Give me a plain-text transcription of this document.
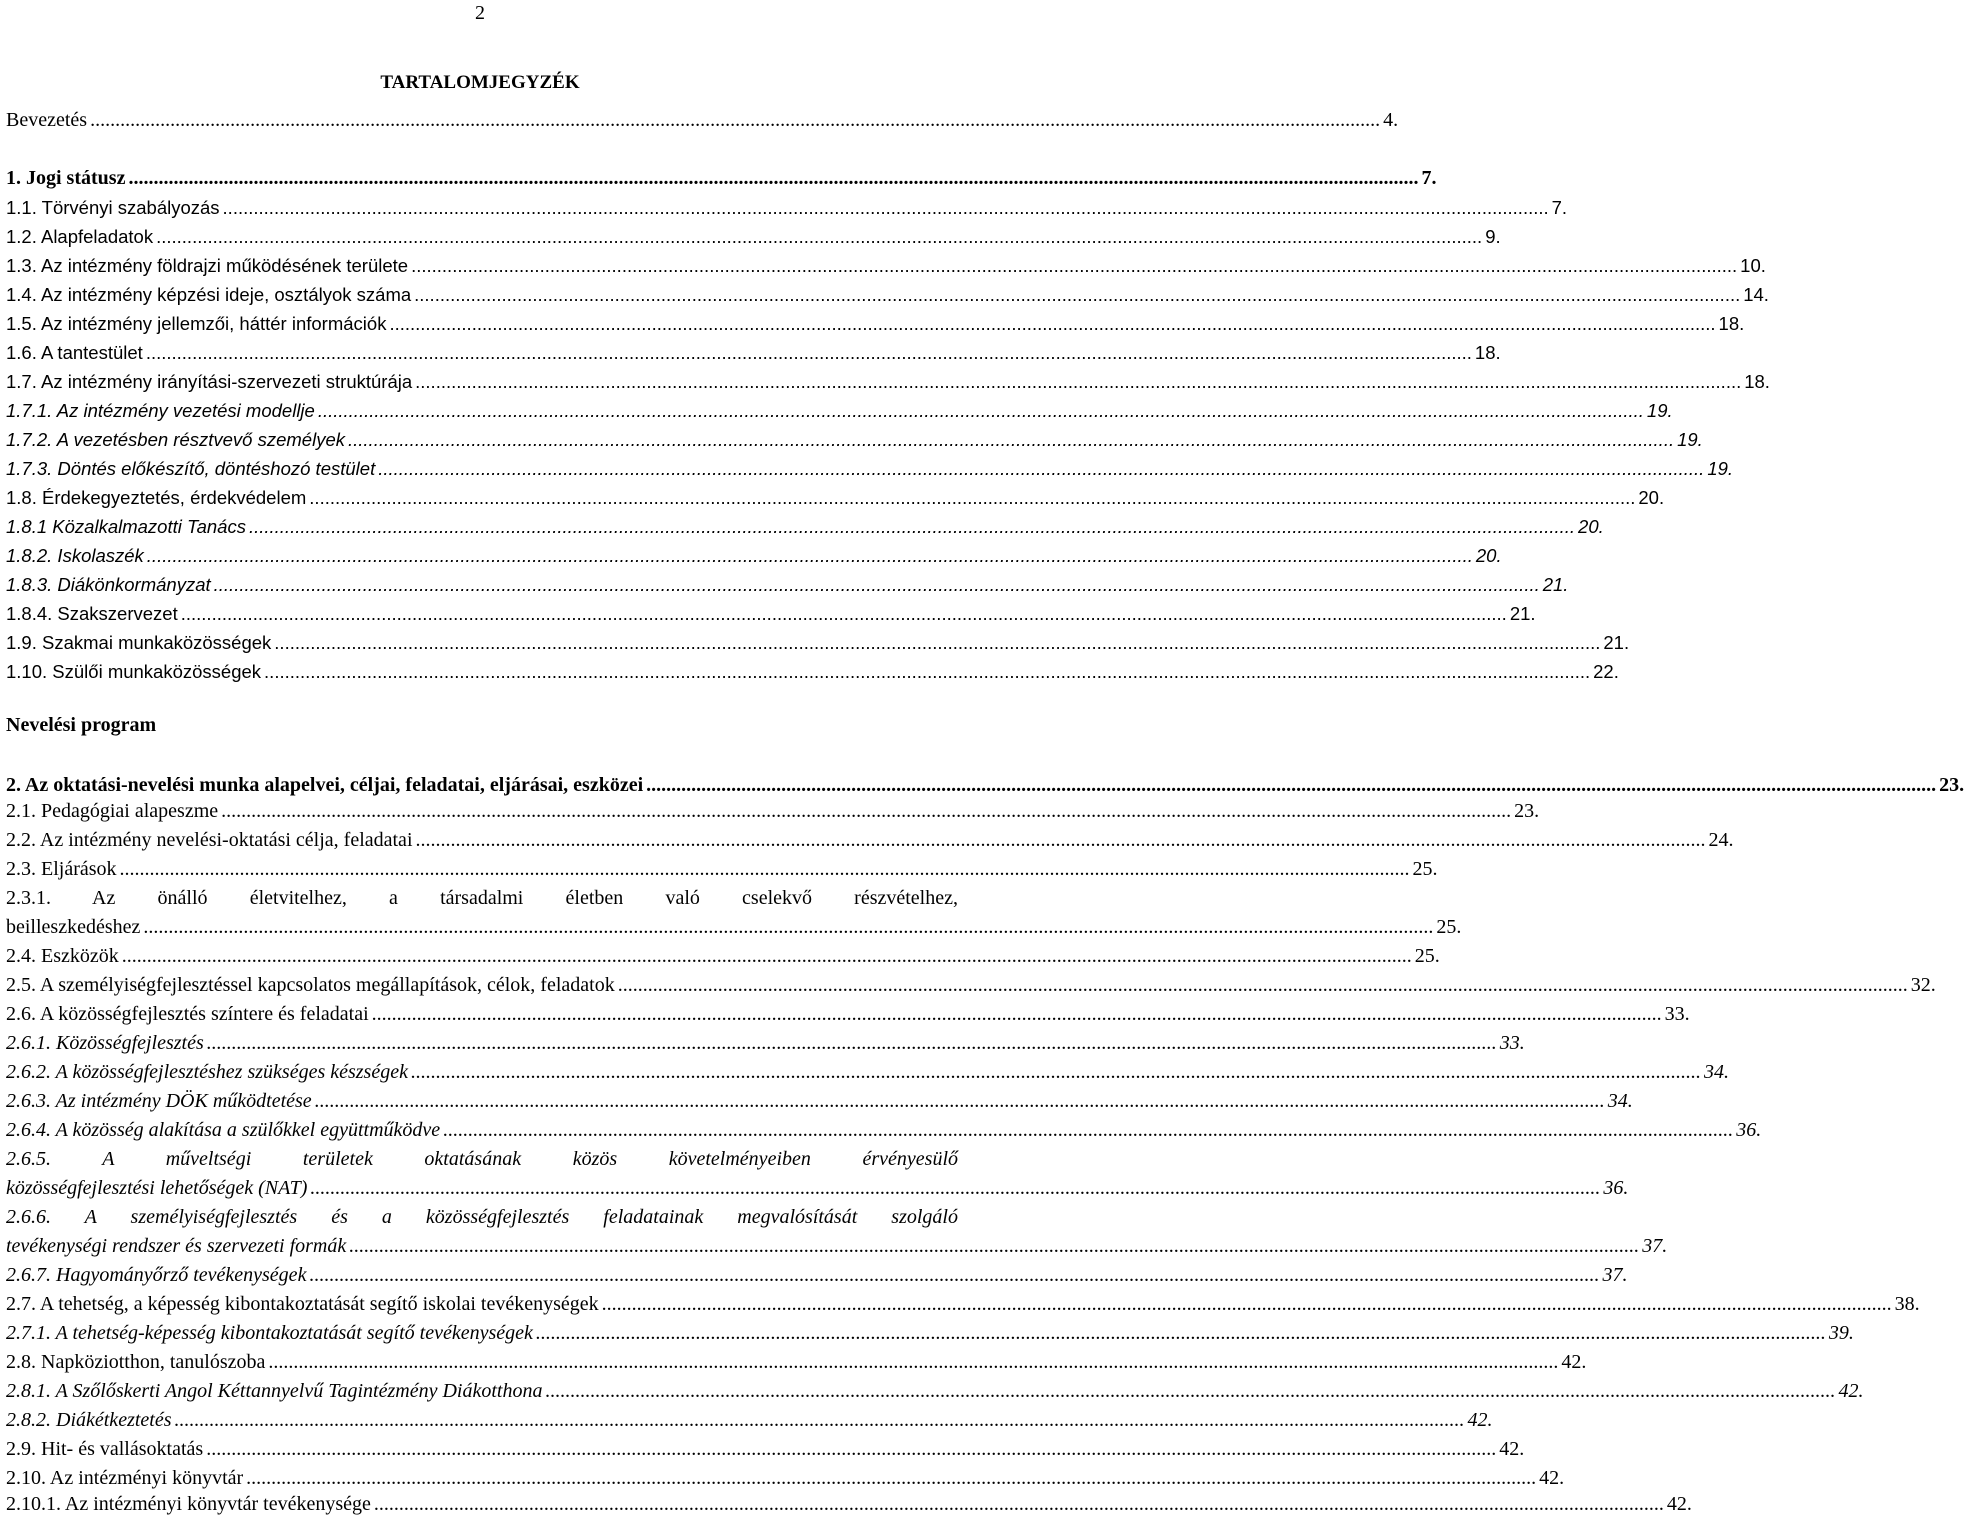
2
TARTALOMJEGYZÉK
Bevezetés .................................................................................................................................................................................................................................................................. 4.
1. Jogi státusz .................................................................................................................................................................................................................................................................. 7.
1.1. Törvényi szabályozás .................................................................................................................................................................................................................................................................. 7.
1.2. Alapfeladatok .................................................................................................................................................................................................................................................................. 9.
1.3. Az intézmény földrajzi működésének területe .................................................................................................................................................................................................................................................................. 10.
1.4. Az intézmény képzési ideje, osztályok száma .................................................................................................................................................................................................................................................................. 14.
1.5. Az intézmény jellemzői, háttér információk .................................................................................................................................................................................................................................................................. 18.
1.6. A tantestület .................................................................................................................................................................................................................................................................. 18.
1.7. Az intézmény irányítási-szervezeti struktúrája .................................................................................................................................................................................................................................................................. 18.
1.7.1. Az intézmény vezetési modellje .................................................................................................................................................................................................................................................................. 19.
1.7.2. A vezetésben résztvevő személyek .................................................................................................................................................................................................................................................................. 19.
1.7.3. Döntés előkészítő, döntéshozó testület .................................................................................................................................................................................................................................................................. 19.
1.8. Érdekegyeztetés, érdekvédelem .................................................................................................................................................................................................................................................................. 20.
1.8.1 Közalkalmazotti Tanács .................................................................................................................................................................................................................................................................. 20.
1.8.2. Iskolaszék .................................................................................................................................................................................................................................................................. 20.
1.8.3. Diákönkormányzat .................................................................................................................................................................................................................................................................. 21.
1.8.4. Szakszervezet .................................................................................................................................................................................................................................................................. 21.
1.9. Szakmai munkaközösségek .................................................................................................................................................................................................................................................................. 21.
1.10. Szülői munkaközösségek .................................................................................................................................................................................................................................................................. 22.
Nevelési program
2. Az oktatási-nevelési munka alapelvei, céljai, feladatai, eljárásai, eszközei .................................................................................................................................................................................................................................................................. 23.
2.1. Pedagógiai alapeszme .................................................................................................................................................................................................................................................................. 23.
2.2. Az intézmény nevelési-oktatási célja, feladatai .................................................................................................................................................................................................................................................................. 24.
2.3. Eljárások .................................................................................................................................................................................................................................................................. 25.
2.3.1. Az önálló életvitelhez, a társadalmi életben való cselekvő részvételhez,
beilleszkedéshez .................................................................................................................................................................................................................................................................. 25.
2.4. Eszközök .................................................................................................................................................................................................................................................................. 25.
2.5. A személyiségfejlesztéssel kapcsolatos megállapítások, célok, feladatok .................................................................................................................................................................................................................................................................. 32.
2.6. A közösségfejlesztés színtere és feladatai .................................................................................................................................................................................................................................................................. 33.
2.6.1. Közösségfejlesztés .................................................................................................................................................................................................................................................................. 33.
2.6.2. A közösségfejlesztéshez szükséges készségek .................................................................................................................................................................................................................................................................. 34.
2.6.3. Az intézmény DÖK működtetése .................................................................................................................................................................................................................................................................. 34.
2.6.4. A közösség alakítása a szülőkkel együttműködve .................................................................................................................................................................................................................................................................. 36.
2.6.5. A műveltségi területek oktatásának közös követelményeiben érvényesülő
közösségfejlesztési lehetőségek (NAT) .................................................................................................................................................................................................................................................................. 36.
2.6.6. A személyiségfejlesztés és a közösségfejlesztés feladatainak megvalósítását szolgáló
tevékenységi rendszer és szervezeti formák .................................................................................................................................................................................................................................................................. 37.
2.6.7. Hagyományőrző tevékenységek .................................................................................................................................................................................................................................................................. 37.
2.7. A tehetség, a képesség kibontakoztatását segítő iskolai tevékenységek .................................................................................................................................................................................................................................................................. 38.
2.7.1. A tehetség-képesség kibontakoztatását segítő tevékenységek .................................................................................................................................................................................................................................................................. 39.
2.8. Napköziotthon, tanulószoba .................................................................................................................................................................................................................................................................. 42.
2.8.1. A Szőlőskerti Angol Kéttannyelvű Tagintézmény Diákotthona .................................................................................................................................................................................................................................................................. 42.
2.8.2. Diákétkeztetés .................................................................................................................................................................................................................................................................. 42.
2.9. Hit- és vallásoktatás .................................................................................................................................................................................................................................................................. 42.
2.10. Az intézményi könyvtár .................................................................................................................................................................................................................................................................. 42.
2.10.1. Az intézményi könyvtár tevékenysége .................................................................................................................................................................................................................................................................. 42.
